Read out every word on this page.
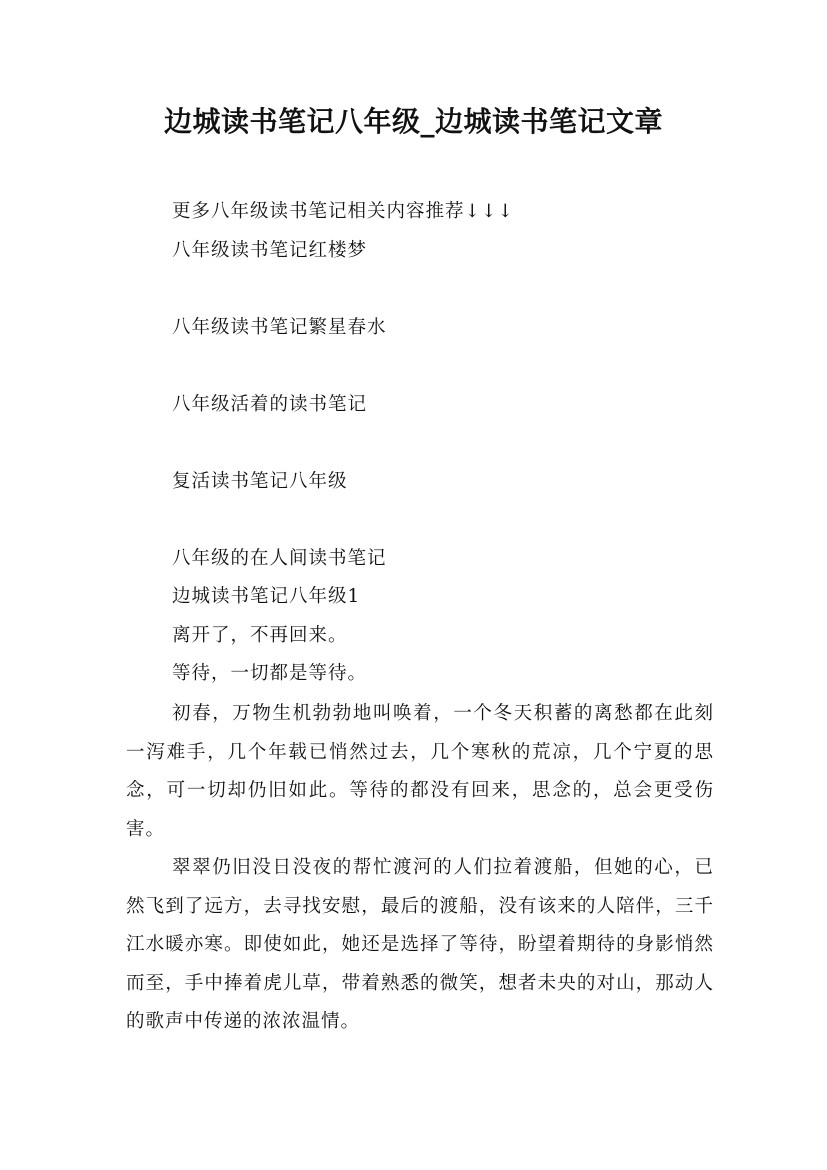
边城读书笔记八年级_边城读书笔记文章
更多八年级读书笔记相关内容推荐↓↓↓
八年级读书笔记红楼梦
八年级读书笔记繁星春水
八年级活着的读书笔记
复活读书笔记八年级
八年级的在人间读书笔记
边城读书笔记八年级1
离开了，不再回来。
等待，一切都是等待。

初春，万物生机勃勃地叫唤着，一个冬天积蓄的离愁都在此刻一泻难手，几个年载已悄然过去，几个寒秋的荒凉，几个宁夏的思念，可一切却仍旧如此。等待的都没有回来，思念的，总会更受伤害。

翠翠仍旧没日没夜的帮忙渡河的人们拉着渡船，但她的心，已然飞到了远方，去寻找安慰，最后的渡船，没有该来的人陪伴，三千江水暖亦寒。即使如此，她还是选择了等待，盼望着期待的身影悄然而至，手中捧着虎儿草，带着熟悉的微笑，想者未央的对山，那动人的歌声中传递的浓浓温情。
